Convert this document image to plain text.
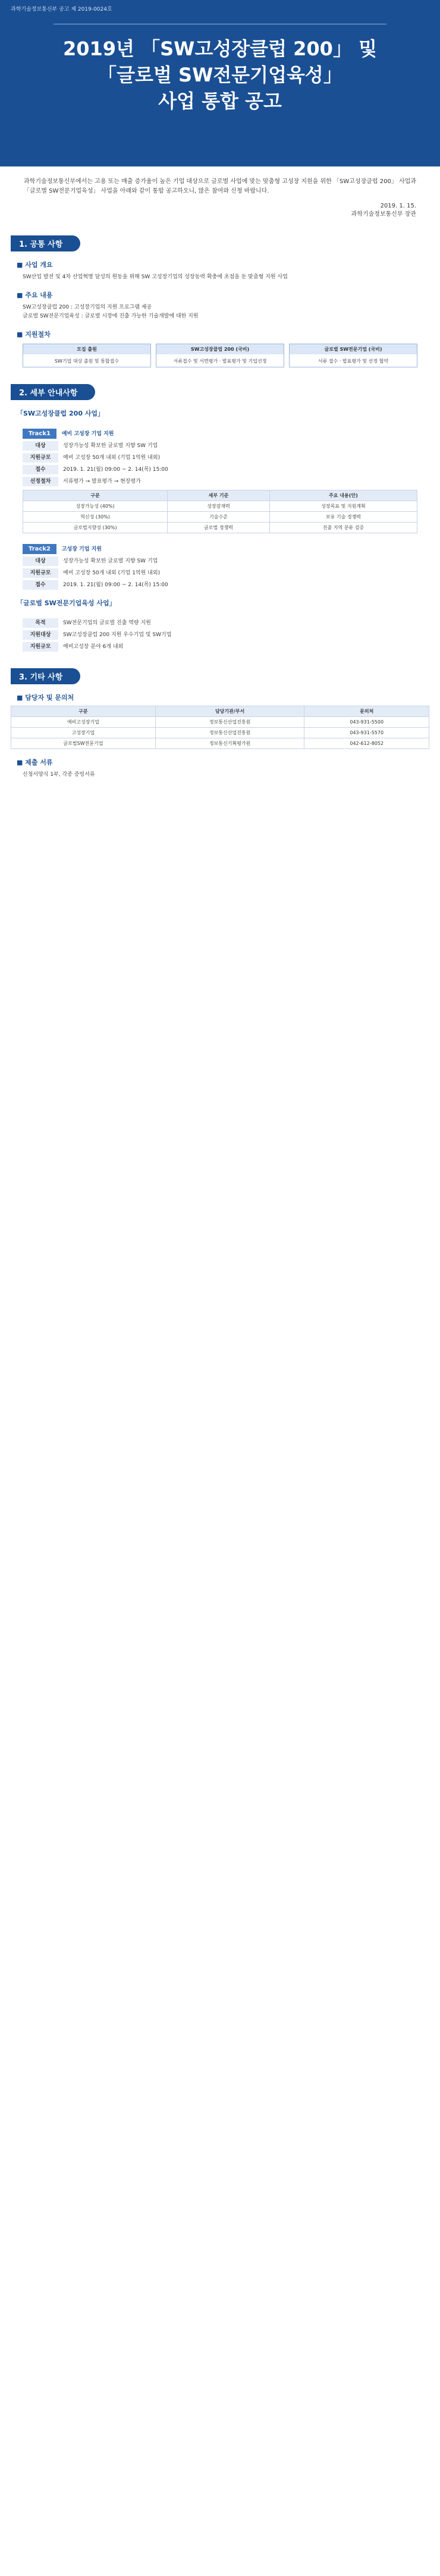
과학기술정보통신부 공고 제 2019-0024호
2019년 「SW고성장클럽 200」 및
「글로벌 SW전문기업육성」
사업 통합 공고
과학기술정보통신부에서는 고용 또는 매출 증가율이 높은 기업 대상으로 글로벌 사업에 맞는 맞춤형 고성장 지원을 위한 「SW고성장클럽 200」 사업과 「글로벌 SW전문기업육성」 사업을 아래와 같이 통합 공고하오니, 많은 참여와 신청 바랍니다.
2019. 1. 15.
과학기술정보통신부 장관
1. 공통 사항
■ 사업 개요
SW산업 발전 및 4차 산업혁명 달성의 원동을 위해 SW 고성장기업의 성장동력 확충에 초점을 둔 맞춤형 지원 사업
■ 주요 내용
SW고성장클럽 200 : 고성장기업의 지원 프로그램 제공
글로벌 SW전문기업육성 : 글로벌 시장에 진출 가능한 기술개발에 대한 지원
■ 지원절차
모집 출원
SW기업 대상 출원 및 통합접수
SW고성장클럽 200 (국비)
서류접수 및 서면평가 · 발표평가 및 기업선정
글로벌 SW전문기업 (국비)
서류 접수 · 발표평가 및 선정 협약
2. 세부 안내사항
「SW고성장클럽 200 사업」
Track1 예비 고성장 기업 지원
대상	성장가능성 확보한 글로벌 지향 SW 기업
지원규모	예비 고성장 50개 내외 (기업 1억원 내외)
접수	2019. 1. 21(월) 09:00 ~ 2. 14(목) 15:00
선정절차	서류평가 → 발표평가 → 현장평가
구분	세부 기준	주요 내용(안)
성장가능성 (40%)	성장잠재력	성장목표 및 지원계획
혁신성 (30%)	기술수준	보유 기술 경쟁력
글로벌지향성 (30%)	글로벌 경쟁력	진출 지역 분류 검증
Track2 고성장 기업 지원
대상	성장가능성 확보한 글로벌 지향 SW 기업
지원규모	예비 고성장 50개 내외 (기업 1억원 내외)
접수	2019. 1. 21(월) 09:00 ~ 2. 14(목) 15:00
「글로벌 SW전문기업육성 사업」
목적	SW전문기업의 글로벌 진출 역량 지원
지원대상	SW고성장클럽 200 지원 우수기업 및 SW기업
지원규모	예비고성장 분야 6개 내외
3. 기타 사항
■ 담당자 및 문의처
구분	담당기관/부서	문의처
예비고성장기업	정보통신산업진흥원	043-931-5500
고성장기업	정보통신산업진흥원	043-931-5570
글로벌SW전문기업	정보통신기획평가원	042-612-8052
■ 제출 서류
신청서양식 1부, 각종 증빙서류
